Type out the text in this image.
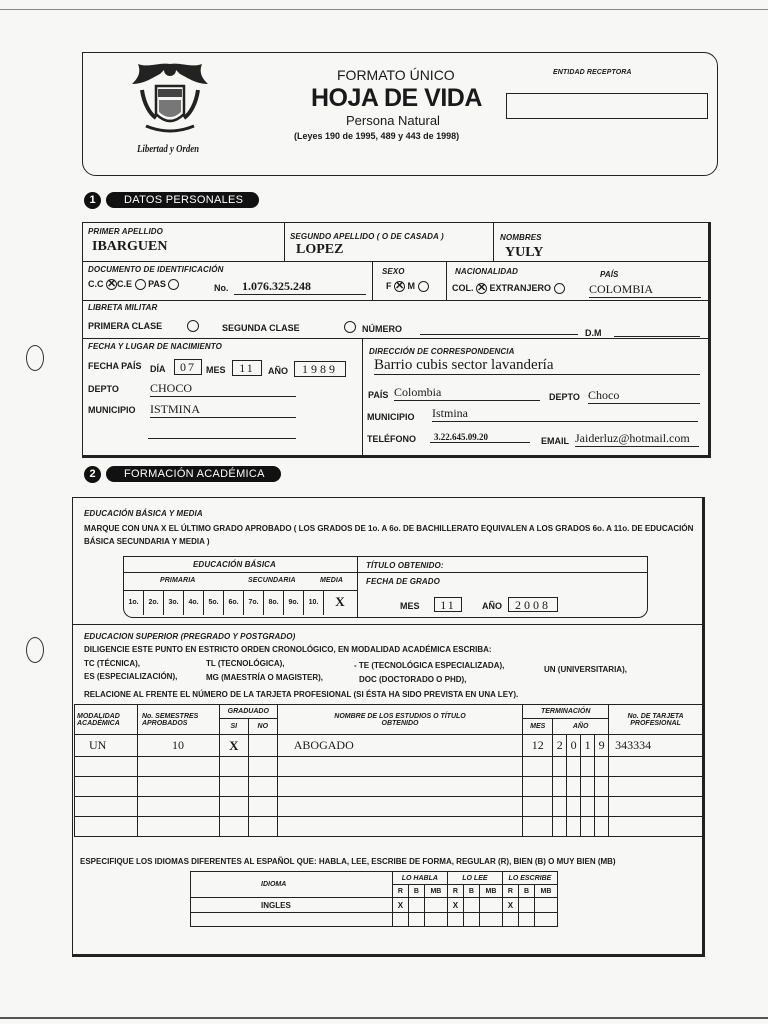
Libertad y Orden
FORMATO ÚNICO
HOJA DE VIDA
Persona Natural
(Leyes 190 de 1995, 489 y 443 de 1998)
ENTIDAD RECEPTORA
1	DATOS PERSONALES
PRIMER APELLIDO
IBARGUEN
SEGUNDO APELLIDO ( O DE CASADA )
LOPEZ
NOMBRES
YULY
DOCUMENTO DE IDENTIFICACIÓN
C.C ✕ C.E PAS	No.	1.076.325.248
SEXO
F ✕ M
NACIONALIDAD	PAÍS
COL. ✕ EXTRANJERO	COLOMBIA
LIBRETA MILITAR
PRIMERA CLASE
	SEGUNDA CLASE	NÚMERO	D.M
FECHA Y LUGAR DE NACIMIENTO
FECHA PAÍS DÍA	07	MES	11	AÑO	1989
DEPTO	CHOCO
MUNICIPIO ISTMINA
DIRECCIÓN DE CORRESPONDENCIA
Barrio cubis sector lavandería
PAÍS Colombia	DEPTO Choco
MUNICIPIO Istmina
TELÉFONO	3.22.645.09.20	EMAIL Jaiderluz@hotmail.com
2	FORMACIÓN ACADÉMICA
EDUCACIÓN BÁSICA Y MEDIA
MARQUE CON UNA X EL ÚLTIMO GRADO APROBADO ( LOS GRADOS DE 1o. A 6o. DE BACHILLERATO EQUIVALEN A LOS GRADOS 6o. A 11o. DE EDUCACIÓN BÁSICA SECUNDARIA Y MEDIA )
EDUCACIÓN BÁSICA
PRIMARIA	SECUNDARIA	MEDIA
1o.	2o.	3o.	4o.	5o.	6o.	7o.	8o.	9o.	10.	X
TÍTULO OBTENIDO:
FECHA DE GRADO
MES	11	AÑO	2008
EDUCACION SUPERIOR (PREGRADO Y POSTGRADO)
DILIGENCIE ESTE PUNTO EN ESTRICTO ORDEN CRONOLÓGICO, EN MODALIDAD ACADÉMICA ESCRIBA:
TC (TÉCNICA),	TL (TECNOLÓGICA),	- TE (TECNOLÓGICA ESPECIALIZADA),	UN (UNIVERSITARIA),
ES (ESPECIALIZACIÓN),	MG (MAESTRÍA O MAGISTER),	DOC (DOCTORADO O PHD),
RELACIONE AL FRENTE EL NÚMERO DE LA TARJETA PROFESIONAL (SI ÉSTA HA SIDO PREVISTA EN UNA LEY).
MODALIDAD ACADÉMICA	No. SEMESTRES APROBADOS	GRADUADO		NOMBRE DE LOS ESTUDIOS O TÍTULO OBTENIDO	TERMINACIÓN					No. DE TARJETA PROFESIONAL
		SI	NO		MES	AÑO				
UN	10	X		ABOGADO	12	2	0	1	9	343334

ESPECIFIQUE LOS IDIOMAS DIFERENTES AL ESPAÑOL QUE: HABLA, LEE, ESCRIBE DE FORMA, REGULAR (R), BIEN (B) O MUY BIEN (MB)
IDIOMA	LO HABLA			LO LEE			LO ESCRIBE		
	R	B	MB	R	B	MB	R	B	MB
INGLES	X			X			X		
